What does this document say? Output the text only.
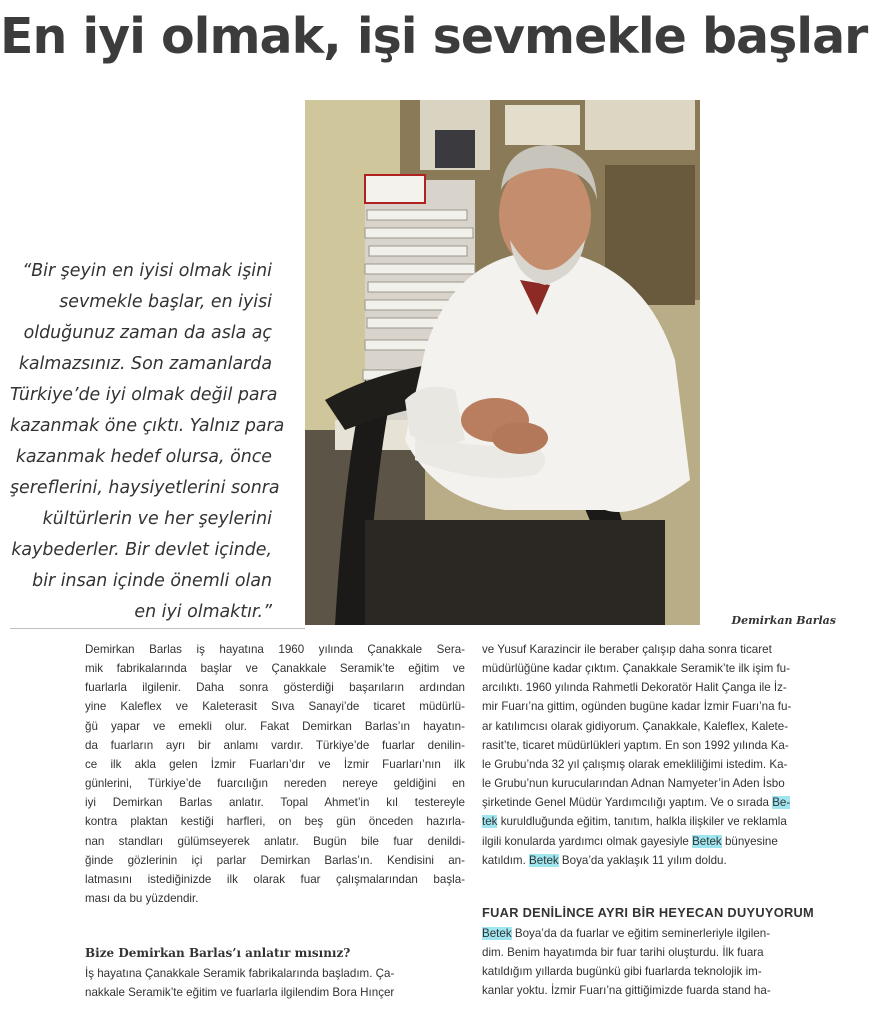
En iyi olmak, işi sevmekle başlar
Demirkan Barlas
“Bir şeyin en iyisi olmak işini
sevmekle başlar, en iyisi
olduğunuz zaman da asla aç
kalmazsınız. Son zamanlarda
Türkiye’de iyi olmak değil para
kazanmak öne çıktı. Yalnız para
kazanmak hedef olursa, önce
şereflerini, haysiyetlerini sonra
kültürlerin ve her şeylerini
kaybederler. Bir devlet içinde,
bir insan içinde önemli olan
en iyi olmaktır.”
Demirkan Barlas iş hayatına 1960 yılında Çanakkale Sera-
mik fabrikalarında başlar ve Çanakkale Seramik’te eğitim ve
fuarlarla ilgilenir. Daha sonra gösterdiği başarıların ardından
yine Kaleflex ve Kaleterasit Sıva Sanayi’de ticaret müdürlü-
ğü yapar ve emekli olur. Fakat Demirkan Barlas’ın hayatın-
da fuarların ayrı bir anlamı vardır. Türkiye’de fuarlar denilin-
ce ilk akla gelen İzmir Fuarları’dır ve İzmir Fuarları’nın ilk
günlerini, Türkiye’de fuarcılığın nereden nereye geldiğini en
iyi Demirkan Barlas anlatır. Topal Ahmet’in kıl testereyle
kontra plaktan kestiği harfleri, on beş gün önceden hazırla-
nan standları gülümseyerek anlatır. Bugün bile fuar denildi-
ğinde gözlerinin içi parlar Demirkan Barlas’ın. Kendisini an-
latmasını istediğinizde ilk olarak fuar çalışmalarından başla-
ması da bu yüzdendir.
Bize Demirkan Barlas’ı anlatır mısınız?
İş hayatına Çanakkale Seramik fabrikalarında başladım. Ça-
nakkale Seramik’te eğitim ve fuarlarla ilgilendim Bora Hınçer
ve Yusuf Karazincir ile beraber çalışıp daha sonra ticaret
müdürlüğüne kadar çıktım. Çanakkale Seramik’te ilk işim fu-
arcılıktı. 1960 yılında Rahmetli Dekoratör Halit Çanga ile İz-
mir Fuarı’na gittim, ogünden bugüne kadar İzmir Fuarı’na fu-
ar katılımcısı olarak gidiyorum. Çanakkale, Kaleflex, Kalete-
rasit’te, ticaret müdürlükleri yaptım. En son 1992 yılında Ka-
le Grubu’nda 32 yıl çalışmış olarak emekliliğimi istedim. Ka-
le Grubu’nun kurucularından Adnan Namyeter’in Aden İsbo
şirketinde Genel Müdür Yardımcılığı yaptım. Ve o sırada Be-
tek kuruldluğunda eğitim, tanıtım, halkla ilişkiler ve reklamla
ilgili konularda yardımcı olmak gayesiyle Betek bünyesine
katıldım. Betek Boya’da yaklaşık 11 yılım doldu.
FUAR DENİLİNCE AYRI BİR HEYECAN DUYUYORUM
Betek Boya’da da fuarlar ve eğitim seminerleriyle ilgilen-
dim. Benim hayatımda bir fuar tarihi oluşturdu. İlk fuara
katıldığım yıllarda bugünkü gibi fuarlarda teknolojik im-
kanlar yoktu. İzmir Fuarı’na gittiğimizde fuarda stand ha-
